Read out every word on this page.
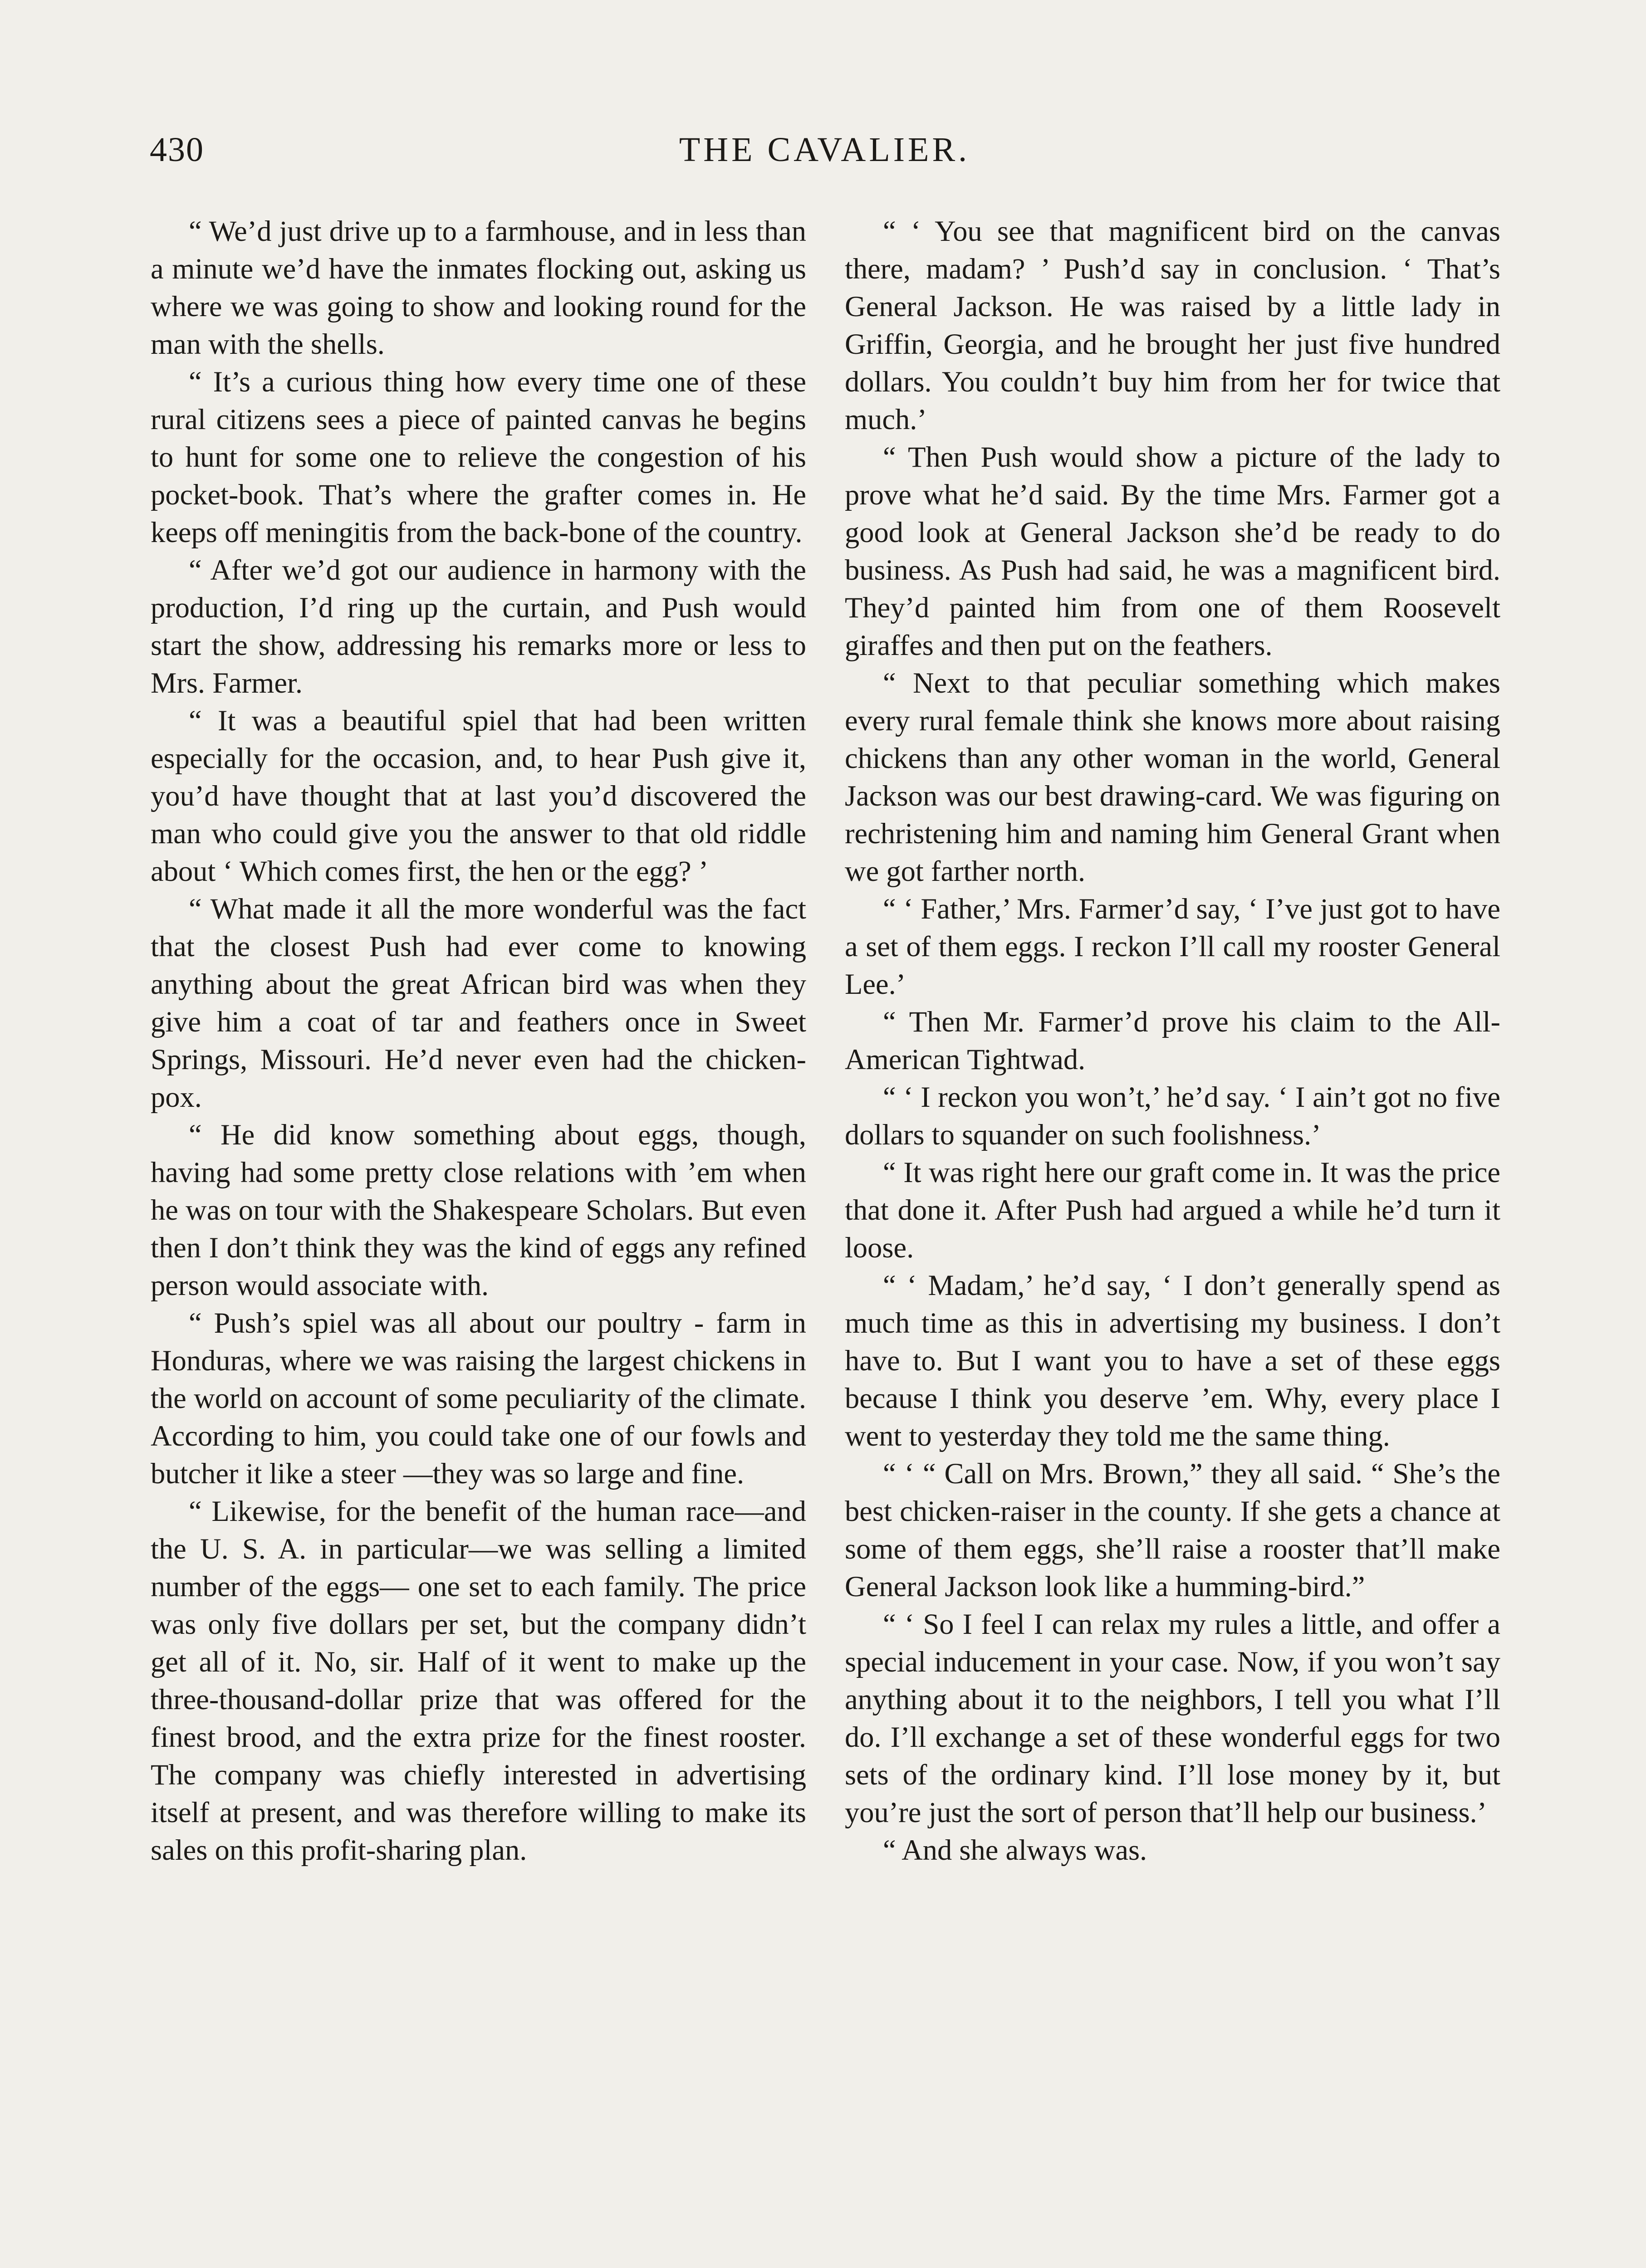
430	THE CAVALIER.

“ We’d just drive up to a farmhouse, and in less than a minute we’d have the inmates flocking out, asking us where we was going to show and looking round for the man with the shells.

“ It’s a curious thing how every time one of these rural citizens sees a piece of painted canvas he begins to hunt for some one to relieve the congestion of his pocket-book. That’s where the grafter comes in. He keeps off meningitis from the back-bone of the country.

“ After we’d got our audience in harmony with the production, I’d ring up the curtain, and Push would start the show, addressing his remarks more or less to Mrs. Farmer.

“ It was a beautiful spiel that had been written especially for the occasion, and, to hear Push give it, you’d have thought that at last you’d discovered the man who could give you the answer to that old riddle about ‘ Which comes first, the hen or the egg? ’

“ What made it all the more wonderful was the fact that the closest Push had ever come to knowing anything about the great African bird was when they give him a coat of tar and feathers once in Sweet Springs, Missouri. He’d never even had the chicken-pox.

“ He did know something about eggs, though, having had some pretty close relations with ’em when he was on tour with the Shakespeare Scholars. But even then I don’t think they was the kind of eggs any refined person would associate with.

“ Push’s spiel was all about our poultry - farm in Honduras, where we was raising the largest chickens in the world on account of some peculiarity of the climate. According to him, you could take one of our fowls and butcher it like a steer —they was so large and fine.

“ Likewise, for the benefit of the human race—and the U. S. A. in particular—we was selling a limited number of the eggs— one set to each family. The price was only five dollars per set, but the company didn’t get all of it. No, sir. Half of it went to make up the three-thousand-dollar prize that was offered for the finest brood, and the extra prize for the finest rooster. The company was chiefly interested in advertising itself at present, and was therefore willing to make its sales on this profit-sharing plan.

“ ‘ You see that magnificent bird on the canvas there, madam? ’ Push’d say in conclusion. ‘ That’s General Jackson. He was raised by a little lady in Griffin, Georgia, and he brought her just five hundred dollars. You couldn’t buy him from her for twice that much.’

“ Then Push would show a picture of the lady to prove what he’d said. By the time Mrs. Farmer got a good look at General Jackson she’d be ready to do business. As Push had said, he was a magnificent bird. They’d painted him from one of them Roosevelt giraffes and then put on the feathers.

“ Next to that peculiar something which makes every rural female think she knows more about raising chickens than any other woman in the world, General Jackson was our best drawing-card. We was figuring on rechristening him and naming him General Grant when we got farther north.

“ ‘ Father,’ Mrs. Farmer’d say, ‘ I’ve just got to have a set of them eggs. I reckon I’ll call my rooster General Lee.’

“ Then Mr. Farmer’d prove his claim to the All-American Tightwad.

“ ‘ I reckon you won’t,’ he’d say. ‘ I ain’t got no five dollars to squander on such foolishness.’

“ It was right here our graft come in. It was the price that done it. After Push had argued a while he’d turn it loose.

“ ‘ Madam,’ he’d say, ‘ I don’t generally spend as much time as this in advertising my business. I don’t have to. But I want you to have a set of these eggs because I think you deserve ’em. Why, every place I went to yesterday they told me the same thing.

“ ‘ “ Call on Mrs. Brown,” they all said. “ She’s the best chicken-raiser in the county. If she gets a chance at some of them eggs, she’ll raise a rooster that’ll make General Jackson look like a humming-bird.”

“ ‘ So I feel I can relax my rules a little, and offer a special inducement in your case. Now, if you won’t say anything about it to the neighbors, I tell you what I’ll do. I’ll exchange a set of these wonderful eggs for two sets of the ordinary kind. I’ll lose money by it, but you’re just the sort of person that’ll help our business.’

“ And she always was.
